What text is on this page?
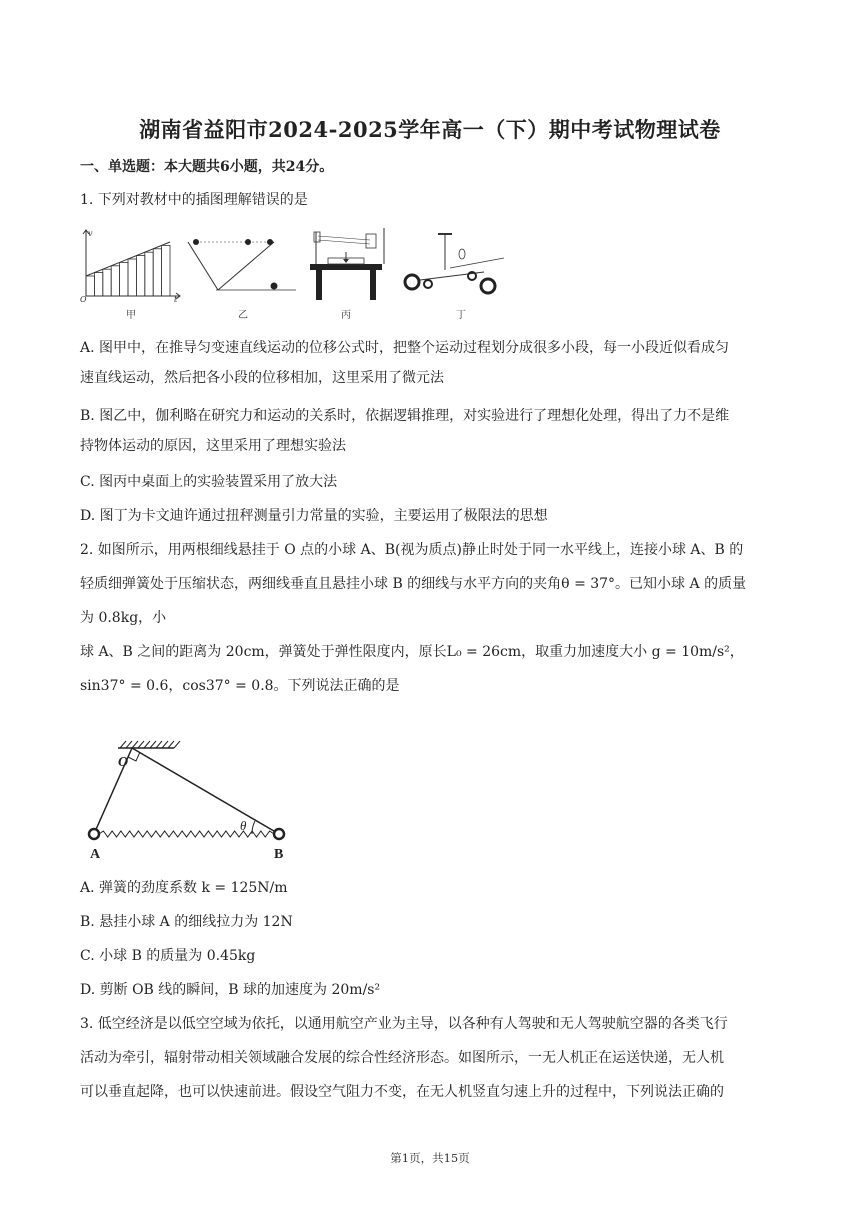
湖南省益阳市2024-2025学年高一（下）期中考试物理试卷
一、单选题：本大题共6小题，共24分。
1. 下列对教材中的插图理解错误的是
v
O	t
甲	乙	丙	丁
A. 图甲中，在推导匀变速直线运动的位移公式时，把整个运动过程划分成很多小段，每一小段近似看成匀
速直线运动，然后把各小段的位移相加，这里采用了微元法
B. 图乙中，伽利略在研究力和运动的关系时，依据逻辑推理，对实验进行了理想化处理，得出了力不是维
持物体运动的原因，这里采用了理想实验法
C. 图丙中桌面上的实验装置采用了放大法
D. 图丁为卡文迪许通过扭秤测量引力常量的实验，主要运用了极限法的思想
2. 如图所示，用两根细线悬挂于 O 点的小球 A、B(视为质点)静止时处于同一水平线上，连接小球 A、B 的
轻质细弹簧处于压缩状态，两细线垂直且悬挂小球 B 的细线与水平方向的夹角θ = 37°。已知小球 A 的质量
为 0.8kg，小
球 A、B 之间的距离为 20cm，弹簧处于弹性限度内，原长L₀ = 26cm，取重力加速度大小 g = 10m/s²，
sin37° = 0.6，cos37° = 0.8。下列说法正确的是
O
A	B
θ
A. 弹簧的劲度系数 k = 125N/m
B. 悬挂小球 A 的细线拉力为 12N
C. 小球 B 的质量为 0.45kg
D. 剪断 OB 线的瞬间，B 球的加速度为 20m/s²
3. 低空经济是以低空空域为依托，以通用航空产业为主导，以各种有人驾驶和无人驾驶航空器的各类飞行
活动为牵引，辐射带动相关领域融合发展的综合性经济形态。如图所示，一无人机正在运送快递，无人机
可以垂直起降，也可以快速前进。假设空气阻力不变，在无人机竖直匀速上升的过程中，下列说法正确的
第1页，共15页
